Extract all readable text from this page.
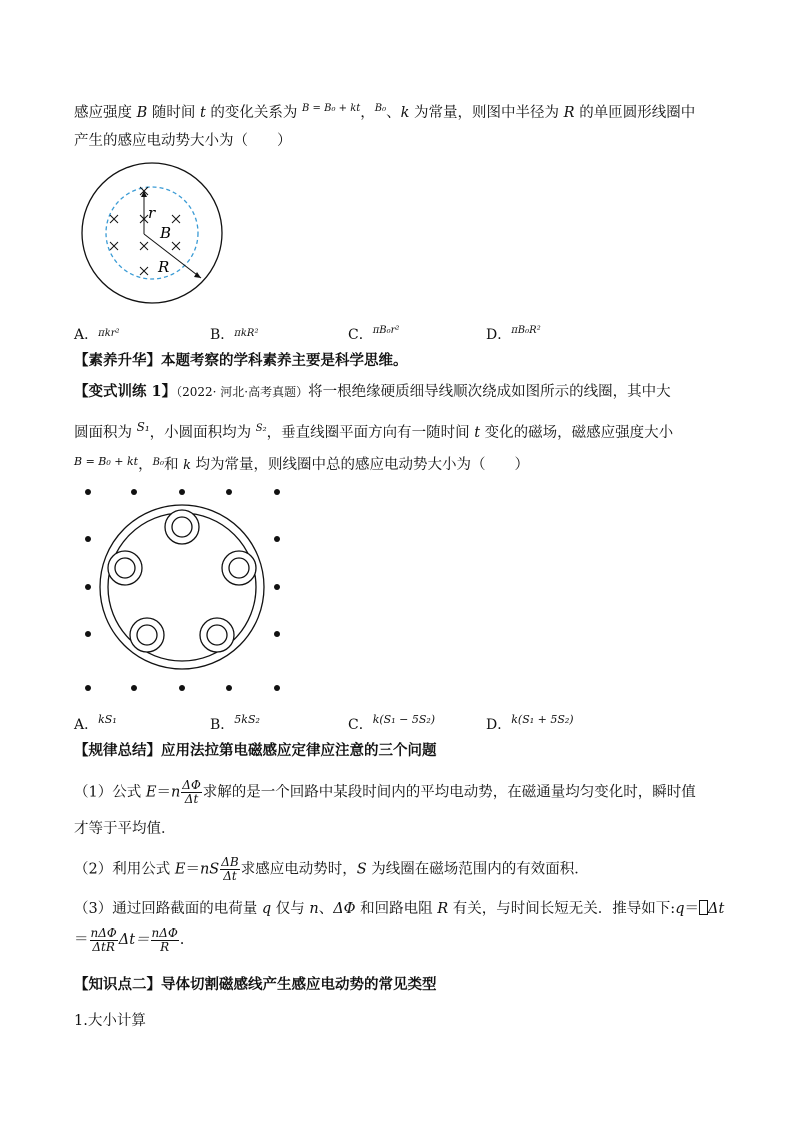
感应强度 B 随时间 t 的变化关系为 $^{B = B_0 + kt}$，$^{B_0}$、k 为常量，则图中半径为 R 的单匝圆形线圈中
产生的感应电动势大小为（　　）
r
B
R
A．$^{\pi kr^2}$	B．$^{\pi kR^2}$	C．$^{\pi B_0r^2}$	D．$^{\pi B_0R^2}$
【素养升华】本题考察的学科素养主要是科学思维。
【变式训练 1】（2022· 河北·高考真题）将一根绝缘硬质细导线顺次绕成如图所示的线圈，其中大
圆面积为 $^{S_1}$，小圆面积均为 $^{S_2}$，垂直线圈平面方向有一随时间 t 变化的磁场，磁感应强度大小
$^{B = B_0 + kt}$，$^{B_0}$和 k 均为常量，则线圈中总的感应电动势大小为（　　）
A．$^{kS_1}$	B．$^{5kS_2}$	C．$^{k(S_1 - 5S_2)}$	D．$^{k(S_1 + 5S_2)}$
【规律总结】应用法拉第电磁感应定律应注意的三个问题
（1）公式 $E=n \frac{\Delta\Phi}{\Delta t}$ 求解的是一个回路中某段时间内的平均电动势，在磁通量均匀变化时，瞬时值
才等于平均值．
（2）利用公式 $E=nS \frac{\Delta B}{\Delta t}$ 求感应电动势时，S 为线圈在磁场范围内的有效面积．
（3）通过回路截面的电荷量 q 仅与 n、ΔΦ 和回路电阻 R 有关，与时间长短无关．推导如下:q＝ Δt
＝ $\frac{\text{nΔΦ}}{\text{ΔtR}} \Delta t= \frac{\text{nΔΦ}}{R}$ .
【知识点二】导体切割磁感线产生感应电动势的常见类型
1.大小计算
